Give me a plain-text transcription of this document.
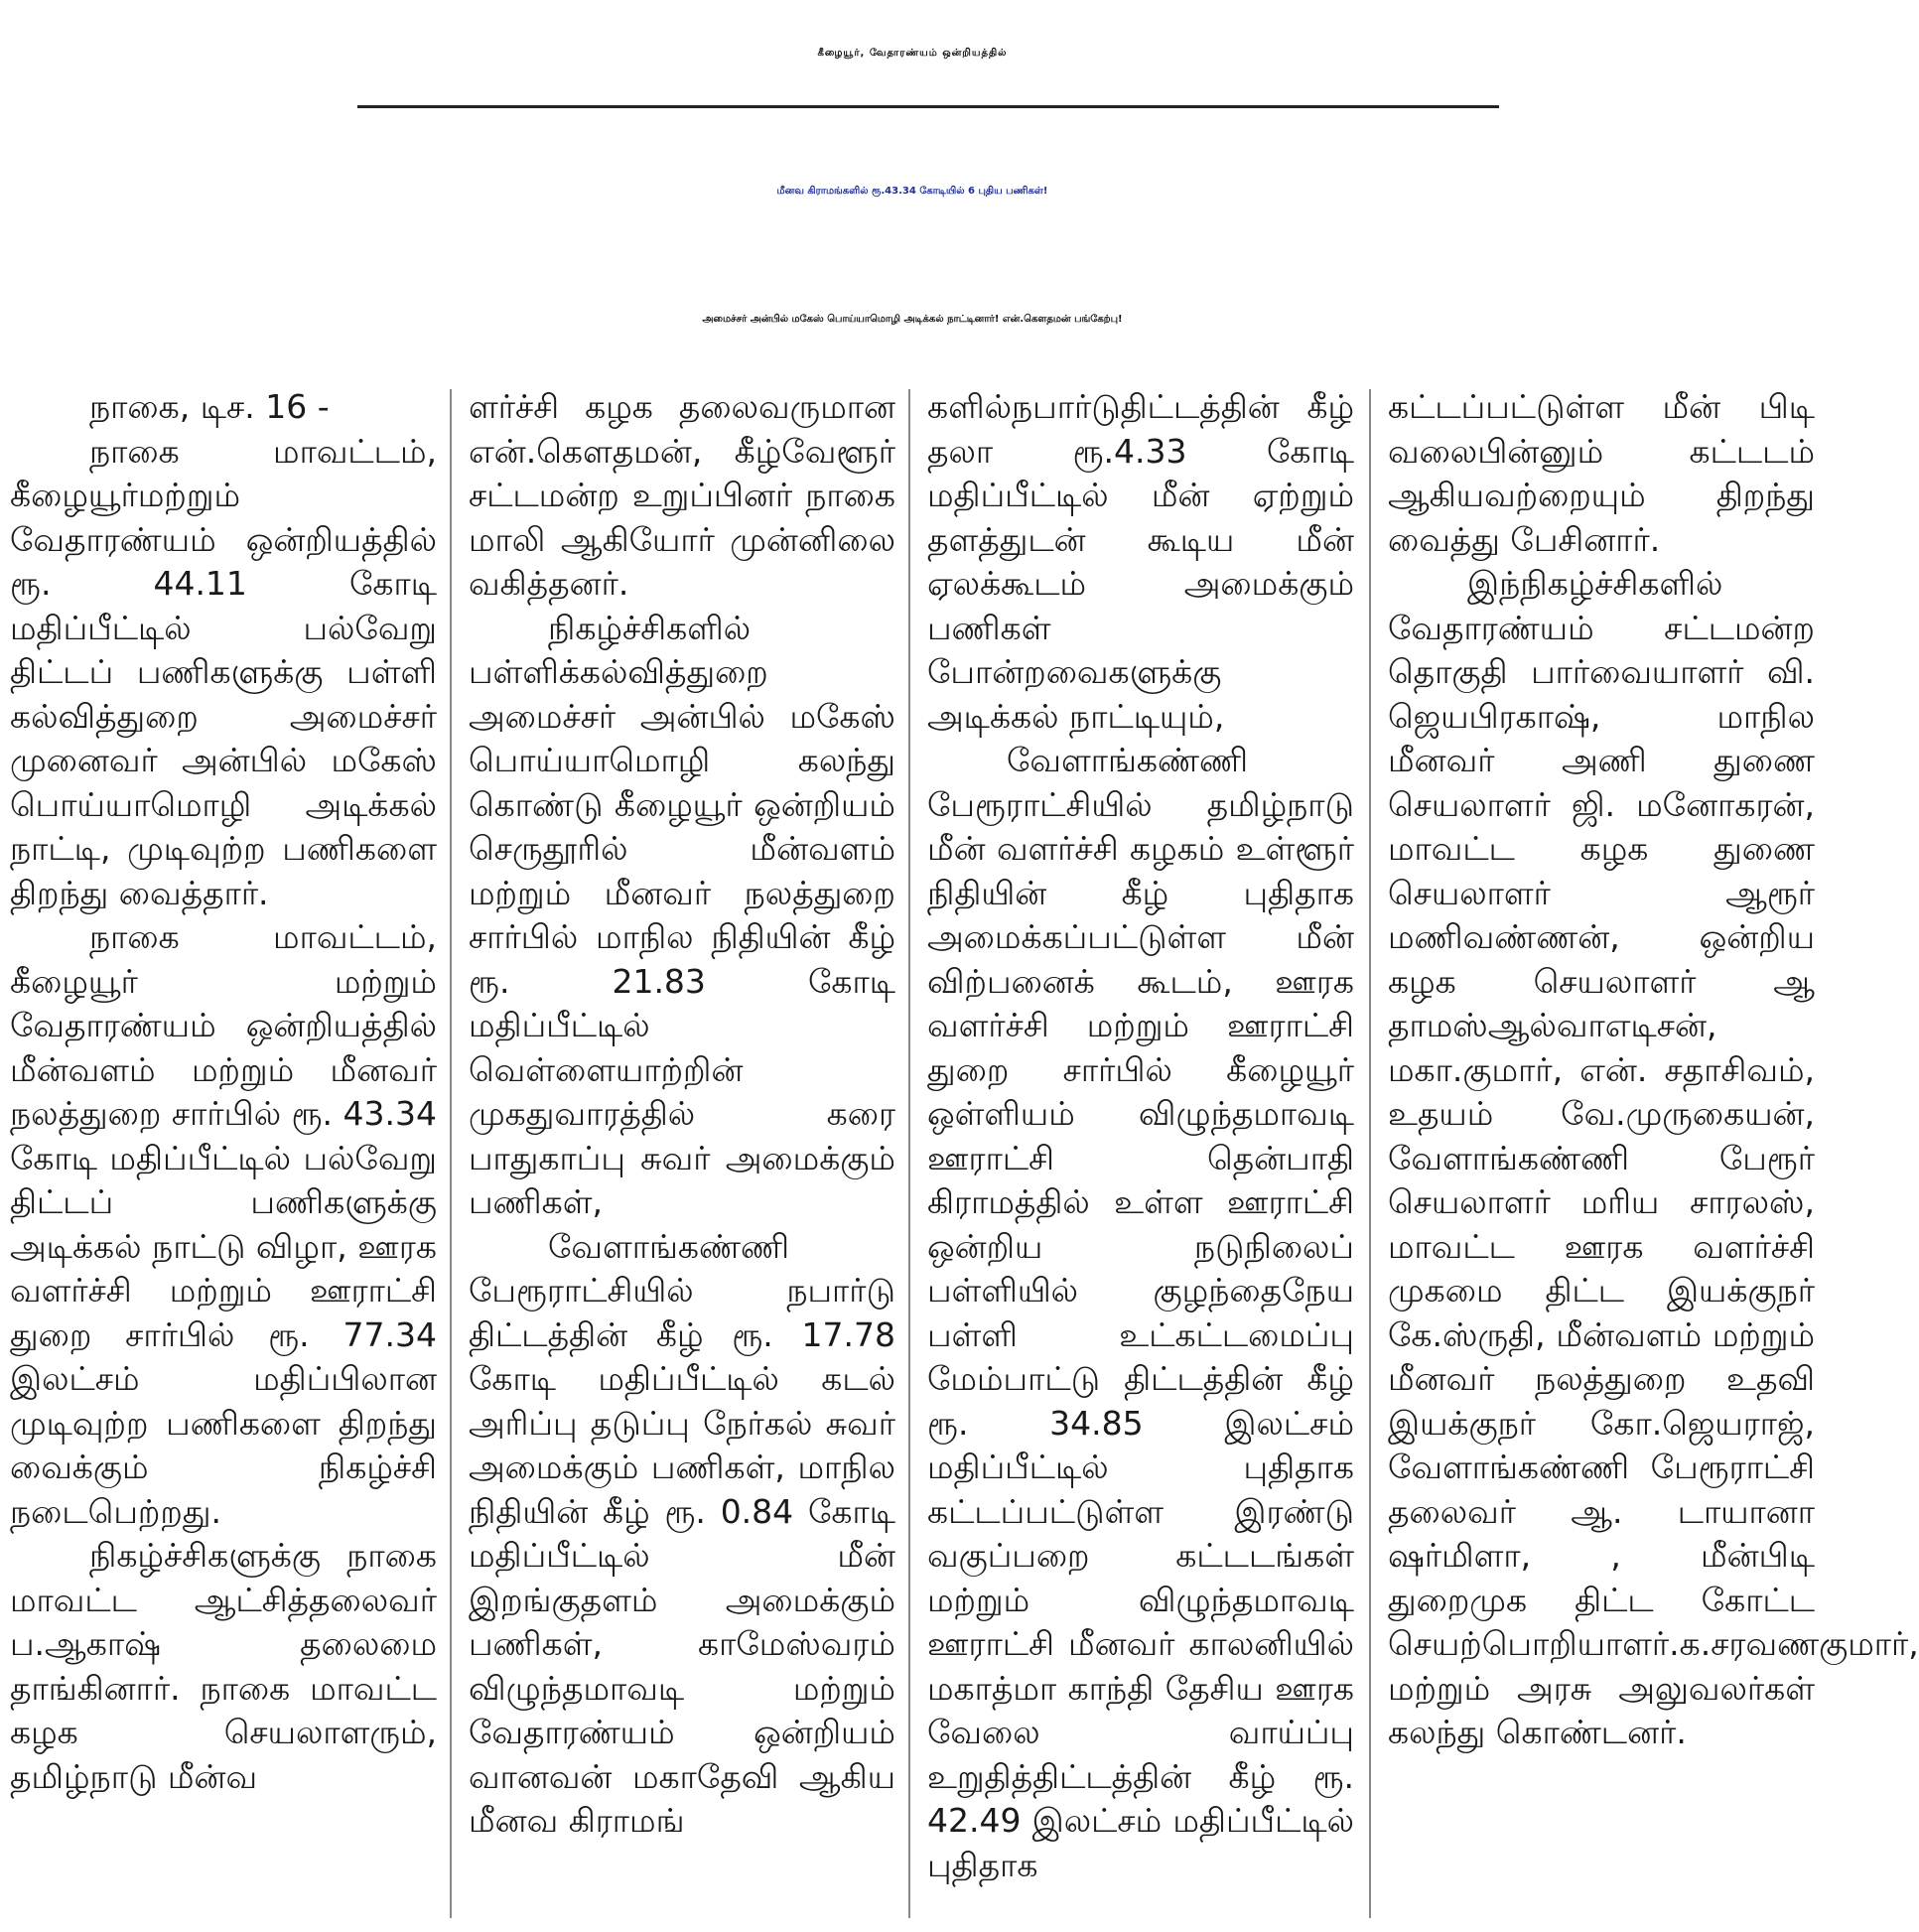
கீழையூர், வேதாரண்யம் ஒன்றியத்தில்
மீனவ கிராமங்களில் ரூ.43.34 கோடியில் 6 புதிய பணிகள்!
அமைச்சர் அன்பில் மகேஸ் பொய்யாமொழி அடிக்கல் நாட்டினார்! என்.கௌதமன் பங்கேற்பு!

நாகை, டிச. 16 -

நாகை மாவட்டம், கீழையூர்மற்றும் வேதாரண்யம் ஒன்றியத்தில் ரூ. 44.11 கோடி மதிப்பீட்டில் பல்வேறு திட்டப் பணிகளுக்கு பள்ளி கல்வித்துறை அமைச்சர் முனைவர் அன்பில் மகேஸ் பொய்யாமொழி அடிக்கல் நாட்டி, முடிவுற்ற பணிகளை திறந்து வைத்தார்.

நாகை மாவட்டம், கீழையூர் மற்றும் வேதாரண்யம் ஒன்றியத்தில் மீன்வளம் மற்றும் மீனவர் நலத்துறை சார்பில் ரூ. 43.34 கோடி மதிப்பீட்டில் பல்வேறு திட்டப் பணிகளுக்கு அடிக்கல் நாட்டு விழா, ஊரக வளர்ச்சி மற்றும் ஊராட்சி துறை சார்பில் ரூ. 77.34 இலட்சம் மதிப்பிலான முடிவுற்ற பணிகளை திறந்து வைக்கும் நிகழ்ச்சி நடைபெற்றது.

நிகழ்ச்சிகளுக்கு நாகை மாவட்ட ஆட்சித்தலைவர் ப.ஆகாஷ் தலைமை தாங்கினார். நாகை மாவட்ட கழக செயலாளரும், தமிழ்நாடு மீன்வ

ளர்ச்சி கழக தலைவருமான என்.கௌதமன், கீழ்வேளூர் சட்டமன்ற உறுப்பினர் நாகை மாலி ஆகியோர் முன்னிலை வகித்தனர்.

நிகழ்ச்சிகளில் பள்ளிக்கல்வித்துறை அமைச்சர் அன்பில் மகேஸ் பொய்யாமொழி கலந்து கொண்டு கீழையூர் ஒன்றியம் செருதூரில் மீன்வளம் மற்றும் மீனவர் நலத்துறை சார்பில் மாநில நிதியின் கீழ் ரூ. 21.83 கோடி மதிப்பீட்டில் வெள்ளையாற்றின் முகதுவாரத்தில் கரை பாதுகாப்பு சுவர் அமைக்கும் பணிகள்,

வேளாங்கண்ணி பேரூராட்சியில் நபார்டு திட்டத்தின் கீழ் ரூ. 17.78 கோடி மதிப்பீட்டில் கடல் அரிப்பு தடுப்பு நேர்கல் சுவர் அமைக்கும் பணிகள், மாநில நிதியின் கீழ் ரூ. 0.84 கோடி மதிப்பீட்டில் மீன் இறங்குதளம் அமைக்கும் பணிகள், காமேஸ்வரம் விழுந்தமாவடி மற்றும் வேதாரண்யம் ஒன்றியம் வானவன் மகாதேவி ஆகிய மீனவ கிராமங்

களில்நபார்டுதிட்டத்தின் கீழ் தலா ரூ.4.33 கோடி மதிப்பீட்டில் மீன் ஏற்றும் தளத்துடன் கூடிய மீன் ஏலக்கூடம் அமைக்கும் பணிகள் போன்றவைகளுக்கு அடிக்கல் நாட்டியும்,

வேளாங்கண்ணி பேரூராட்சியில் தமிழ்நாடு மீன் வளர்ச்சி கழகம் உள்ளூர் நிதியின் கீழ் புதிதாக அமைக்கப்பட்டுள்ள மீன் விற்பனைக் கூடம், ஊரக வளர்ச்சி மற்றும் ஊராட்சி துறை சார்பில் கீழையூர் ஒள்ளியம் விழுந்தமாவடி ஊராட்சி தென்பாதி கிராமத்தில் உள்ள ஊராட்சி ஒன்றிய நடுநிலைப் பள்ளியில் குழந்தைநேய பள்ளி உட்கட்டமைப்பு மேம்பாட்டு திட்டத்தின் கீழ் ரூ. 34.85 இலட்சம் மதிப்பீட்டில் புதிதாக கட்டப்பட்டுள்ள இரண்டு வகுப்பறை கட்டடங்கள் மற்றும் விழுந்தமாவடி ஊராட்சி மீனவர் காலனியில் மகாத்மா காந்தி தேசிய ஊரக வேலை வாய்ப்பு உறுதித்திட்டத்தின் கீழ் ரூ. 42.49 இலட்சம் மதிப்பீட்டில் புதிதாக

கட்டப்பட்டுள்ள மீன் பிடி வலைபின்னும் கட்டடம் ஆகியவற்றையும் திறந்து வைத்து பேசினார்.

இந்நிகழ்ச்சிகளில் வேதாரண்யம் சட்டமன்ற தொகுதி பார்வையாளர் வி. ஜெயபிரகாஷ், மாநில மீனவர் அணி துணை செயலாளர் ஜி. மனோகரன், மாவட்ட கழக துணை செயலாளர் ஆரூர் மணிவண்ணன், ஒன்றிய கழக செயலாளர் ஆ தாமஸ்ஆல்வாஎடிசன், மகா.குமார், என். சதாசிவம், உதயம் வே.முருகையன், வேளாங்கண்ணி பேரூர் செயலாளர் மரிய சாரலஸ், மாவட்ட ஊரக வளர்ச்சி முகமை திட்ட இயக்குநர் கே.ஸ்ருதி, மீன்வளம் மற்றும் மீனவர் நலத்துறை உதவி இயக்குநர் கோ.ஜெயராஜ், வேளாங்கண்ணி பேரூராட்சி தலைவர் ஆ. டாயானா ஷர்மிளா, , மீன்பிடி துறைமுக திட்ட கோட்ட செயற்பொறியாளர்.க.சரவணகுமார், மற்றும் அரசு அலுவலர்கள் கலந்து கொண்டனர்.
